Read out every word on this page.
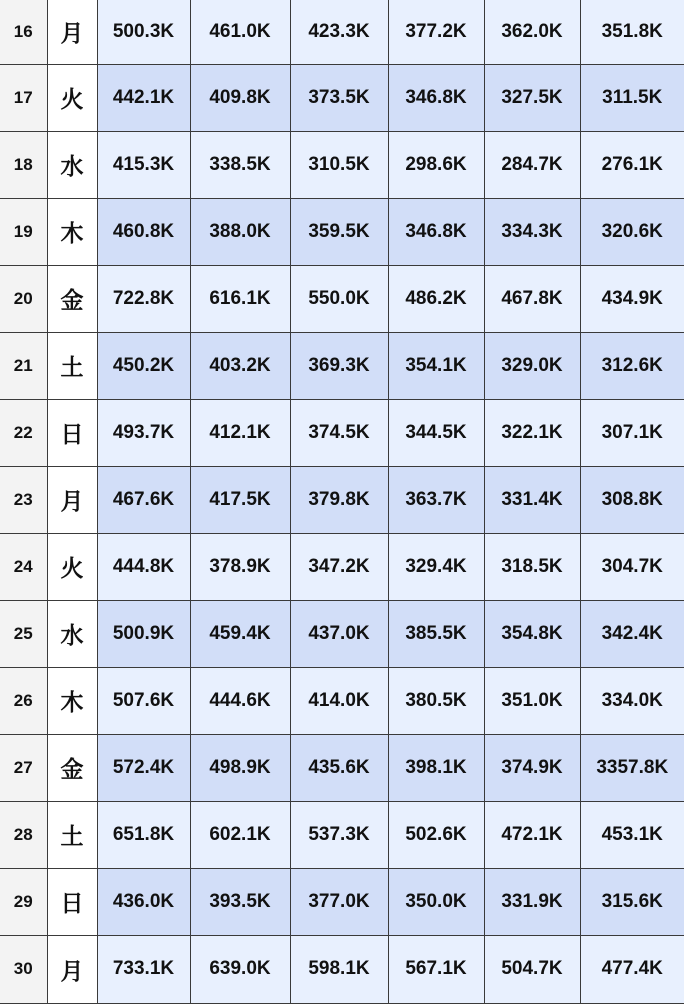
16	月	500.3K	461.0K	423.3K	377.2K	362.0K	351.8K
17	火	442.1K	409.8K	373.5K	346.8K	327.5K	311.5K
18	水	415.3K	338.5K	310.5K	298.6K	284.7K	276.1K
19	木	460.8K	388.0K	359.5K	346.8K	334.3K	320.6K
20	金	722.8K	616.1K	550.0K	486.2K	467.8K	434.9K
21	土	450.2K	403.2K	369.3K	354.1K	329.0K	312.6K
22	日	493.7K	412.1K	374.5K	344.5K	322.1K	307.1K
23	月	467.6K	417.5K	379.8K	363.7K	331.4K	308.8K
24	火	444.8K	378.9K	347.2K	329.4K	318.5K	304.7K
25	水	500.9K	459.4K	437.0K	385.5K	354.8K	342.4K
26	木	507.6K	444.6K	414.0K	380.5K	351.0K	334.0K
27	金	572.4K	498.9K	435.6K	398.1K	374.9K	3357.8K
28	土	651.8K	602.1K	537.3K	502.6K	472.1K	453.1K
29	日	436.0K	393.5K	377.0K	350.0K	331.9K	315.6K
30	月	733.1K	639.0K	598.1K	567.1K	504.7K	477.4K
